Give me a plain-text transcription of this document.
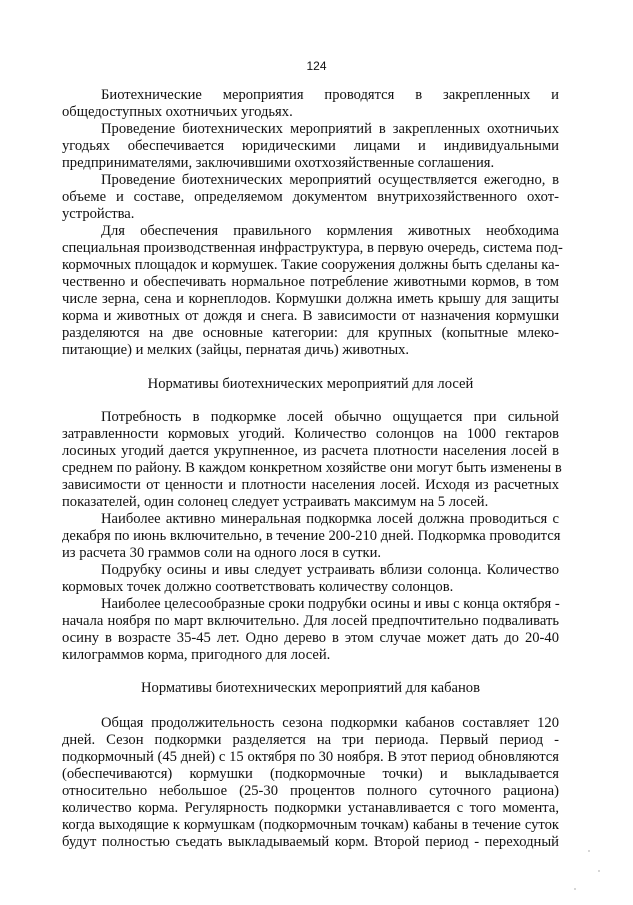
124
Биотехнические мероприятия проводятся в закрепленных и
общедоступных охотничьих угодьях.
Проведение биотехнических мероприятий в закрепленных охотничьих
угодьях обеспечивается юридическими лицами и индивидуальными
предпринимателями, заключившими охотхозяйственные соглашения.
Проведение биотехнических мероприятий осуществляется ежегодно, в
объеме и составе, определяемом документом внутрихозяйственного охот-
устройства.
Для обеспечения правильного кормления животных необходима
специальная производственная инфраструктура, в первую очередь, система под-
кормочных площадок и кормушек. Такие сооружения должны быть сделаны ка-
чественно и обеспечивать нормальное потребление животными кормов, в том
числе зерна, сена и корнеплодов. Кормушки должна иметь крышу для защиты
корма и животных от дождя и снега. В зависимости от назначения кормушки
разделяются на две основные категории: для крупных (копытные млеко-
питающие) и мелких (зайцы, пернатая дичь) животных.
Нормативы биотехнических мероприятий для лосей
Потребность в подкормке лосей обычно ощущается при сильной
затравленности кормовых угодий. Количество солонцов на 1000 гектаров
лосиных угодий дается укрупненное, из расчета плотности населения лосей в
среднем по району. В каждом конкретном хозяйстве они могут быть изменены в
зависимости от ценности и плотности населения лосей. Исходя из расчетных
показателей, один солонец следует устраивать максимум на 5 лосей.
Наиболее активно минеральная подкормка лосей должна проводиться с
декабря по июнь включительно, в течение 200-210 дней. Подкормка проводится
из расчета 30 граммов соли на одного лося в сутки.
Подрубку осины и ивы следует устраивать вблизи солонца. Количество
кормовых точек должно соответствовать количеству солонцов.
Наиболее целесообразные сроки подрубки осины и ивы с конца октября -
начала ноября по март включительно. Для лосей предпочтительно подваливать
осину в возрасте 35-45 лет. Одно дерево в этом случае может дать до 20-40
килограммов корма, пригодного для лосей.
Нормативы биотехнических мероприятий для кабанов
Общая продолжительность сезона подкормки кабанов составляет 120
дней. Сезон подкормки разделяется на три периода. Первый период -
подкормочный (45 дней) с 15 октября по 30 ноября. В этот период обновляются
(обеспечиваются) кормушки (подкормочные точки) и выкладывается
относительно небольшое (25-30 процентов полного суточного рациона)
количество корма. Регулярность подкормки устанавливается с того момента,
когда выходящие к кормушкам (подкормочным точкам) кабаны в течение суток
будут полностью съедать выкладываемый корм. Второй период - переходный
